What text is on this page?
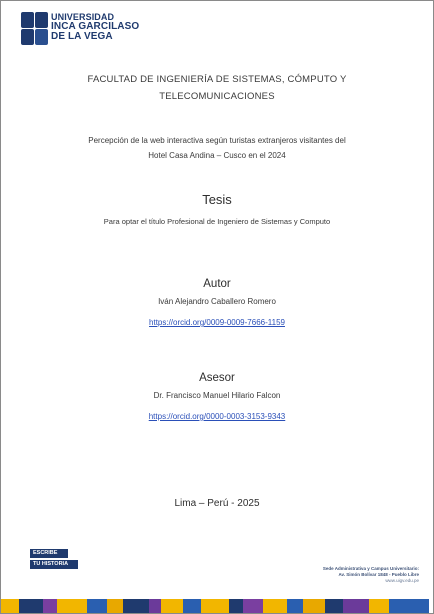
UNIVERSIDAD
INCA GARCILASO
DE LA VEGA
FACULTAD DE INGENIERÍA DE SISTEMAS, CÓMPUTO Y
TELECOMUNICACIONES
Percepción de la web interactiva según turistas extranjeros visitantes del
Hotel Casa Andina – Cusco en el 2024
Tesis
Para optar el título Profesional de Ingeniero de Sistemas y Computo
Autor
Iván Alejandro Caballero Romero
https://orcid.org/0009-0009-7666-1159
Asesor
Dr. Francisco Manuel Hilario Falcon
https://orcid.org/0000-0003-3153-9343
Lima – Perú - 2025
ESCRIBE
TU HISTORIA
Sede Administrativa y Campus Universitario:
Av. Simón Bolívar 1848 - Pueblo Libre
www.uigv.edu.pe
